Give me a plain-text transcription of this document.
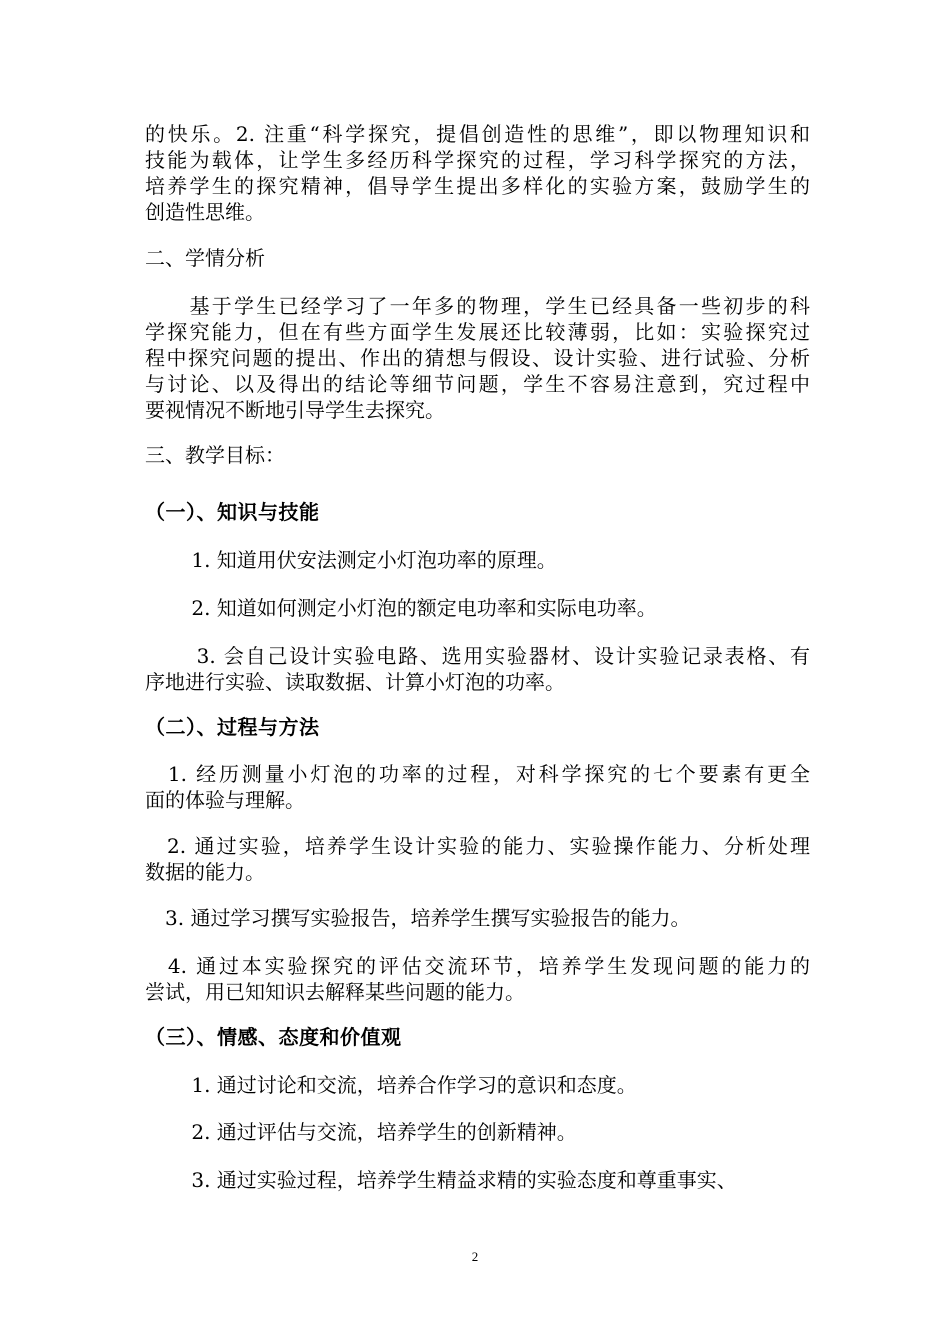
的快乐。2. 注重“科学探究，提倡创造性的思维”，即以物理知识和
技能为载体，让学生多经历科学探究的过程，学习科学探究的方法，
培养学生的探究精神，倡导学生提出多样化的实验方案，鼓励学生的
创造性思维。
二、学情分析
　　基于学生已经学习了一年多的物理，学生已经具备一些初步的科
学探究能力，但在有些方面学生发展还比较薄弱，比如：实验探究过
程中探究问题的提出、作出的猜想与假设、设计实验、进行试验、分析
与讨论、以及得出的结论等细节问题，学生不容易注意到，究过程中
要视情况不断地引导学生去探究。
三、教学目标：
（一）、知识与技能
　　 1. 知道用伏安法测定小灯泡功率的原理。
　　 2. 知道如何测定小灯泡的额定电功率和实际电功率。
　　 3. 会自己设计实验电路、选用实验器材、设计实验记录表格、有
序地进行实验、读取数据、计算小灯泡的功率。
（二）、过程与方法
　1. 经历测量小灯泡的功率的过程，对科学探究的七个要素有更全
面的体验与理解。
　2. 通过实验，培养学生设计实验的能力、实验操作能力、分析处理
数据的能力。
　3. 通过学习撰写实验报告，培养学生撰写实验报告的能力。
　4. 通过本实验探究的评估交流环节，培养学生发现问题的能力的
尝试，用已知知识去解释某些问题的能力。
（三）、情感、态度和价值观
　　 1. 通过讨论和交流，培养合作学习的意识和态度。
　　 2. 通过评估与交流，培养学生的创新精神。
　　 3. 通过实验过程，培养学生精益求精的实验态度和尊重事实、
2
